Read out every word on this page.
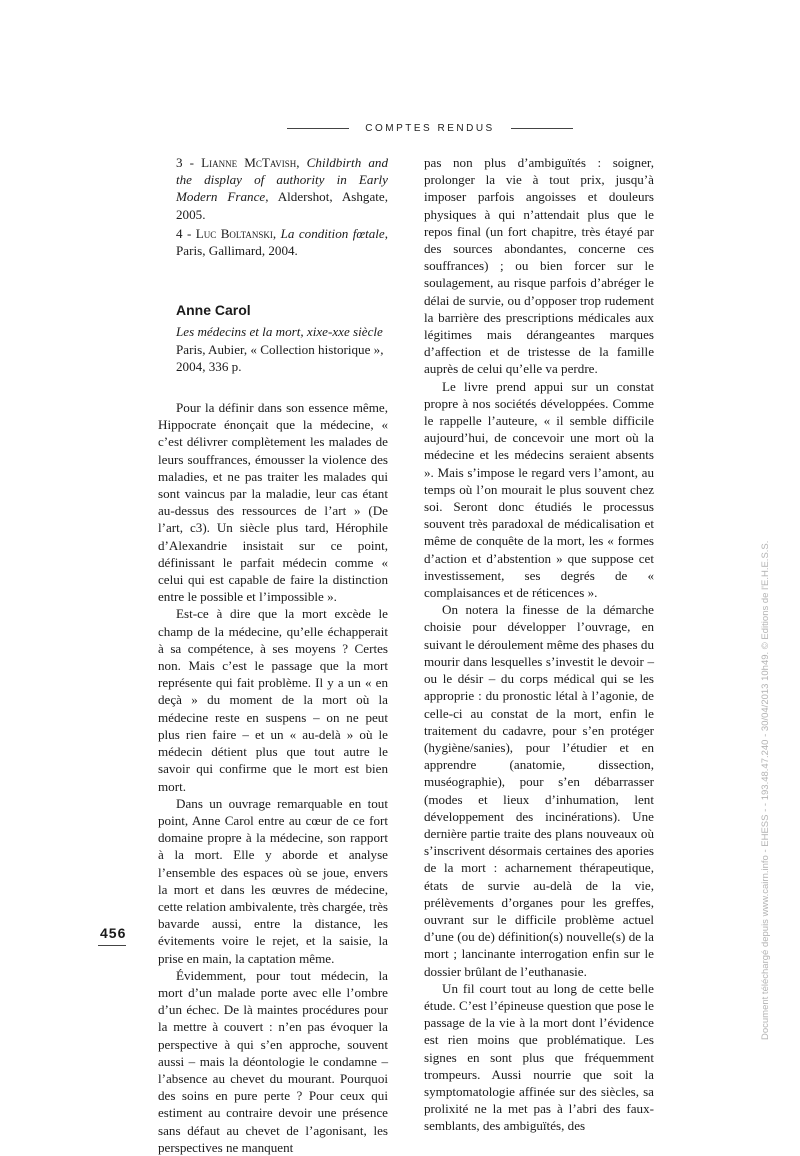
COMPTES RENDUS

3 - Lianne McTavish, Childbirth and the display of authority in Early Modern France, Aldershot, Ashgate, 2005.

4 - Luc Boltanski, La condition fœtale, Paris, Gallimard, 2004.

Anne Carol

Les médecins et la mort, xixe-xxe siècle

Paris, Aubier, « Collection historique »,

2004, 336 p.

Pour la définir dans son essence même, Hippocrate énonçait que la médecine, « c’est délivrer complètement les malades de leurs souffrances, émousser la violence des maladies, et ne pas traiter les malades qui sont vaincus par la maladie, leur cas étant au-dessus des ressources de l’art » (De l’art, c3). Un siècle plus tard, Hérophile d’Alexandrie insistait sur ce point, définissant le parfait médecin comme « celui qui est capable de faire la distinction entre le possible et l’impossible ».

Est-ce à dire que la mort excède le champ de la médecine, qu’elle échapperait à sa compétence, à ses moyens ? Certes non. Mais c’est le passage que la mort représente qui fait problème. Il y a un « en deçà » du moment de la mort où la médecine reste en suspens – on ne peut plus rien faire – et un « au-delà » où le médecin détient plus que tout autre le savoir qui confirme que le mort est bien mort.

Dans un ouvrage remarquable en tout point, Anne Carol entre au cœur de ce fort domaine propre à la médecine, son rapport à la mort. Elle y aborde et analyse l’ensemble des espaces où se joue, envers la mort et dans les œuvres de médecine, cette relation ambivalente, très chargée, très bavarde aussi, entre la distance, les évitements voire le rejet, et la saisie, la prise en main, la captation même.

Évidemment, pour tout médecin, la mort d’un malade porte avec elle l’ombre d’un échec. De là maintes procédures pour la mettre à couvert : n’en pas évoquer la perspective à qui s’en approche, souvent aussi – mais la déontologie le condamne – l’absence au chevet du mourant. Pourquoi des soins en pure perte ? Pour ceux qui estiment au contraire devoir une présence sans défaut au chevet de l’agonisant, les perspectives ne manquent

pas non plus d’ambiguïtés : soigner, prolonger la vie à tout prix, jusqu’à imposer parfois angoisses et douleurs physiques à qui n’attendait plus que le repos final (un fort chapitre, très étayé par des sources abondantes, concerne ces souffrances) ; ou bien forcer sur le soulagement, au risque parfois d’abréger le délai de survie, ou d’opposer trop rudement la barrière des prescriptions médicales aux légitimes mais dérangeantes marques d’affection et de tristesse de la famille auprès de celui qu’elle va perdre.

Le livre prend appui sur un constat propre à nos sociétés développées. Comme le rappelle l’auteure, « il semble difficile aujourd’hui, de concevoir une mort où la médecine et les médecins seraient absents ». Mais s’impose le regard vers l’amont, au temps où l’on mourait le plus souvent chez soi. Seront donc étudiés le processus souvent très paradoxal de médicalisation et même de conquête de la mort, les « formes d’action et d’abstention » que suppose cet investissement, ses degrés de « complaisances et de réticences ».

On notera la finesse de la démarche choisie pour développer l’ouvrage, en suivant le déroulement même des phases du mourir dans lesquelles s’investit le devoir – ou le désir – du corps médical qui se les approprie : du pronostic létal à l’agonie, de celle-ci au constat de la mort, enfin le traitement du cadavre, pour s’en protéger (hygiène/sanies), pour l’étudier et en apprendre (anatomie, dissection, muséographie), pour s’en débarrasser (modes et lieux d’inhumation, lent développement des incinérations). Une dernière partie traite des plans nouveaux où s’inscrivent désormais certaines des apories de la mort : acharnement thérapeutique, états de survie au-delà de la vie, prélèvements d’organes pour les greffes, ouvrant sur le difficile problème actuel d’une (ou de) définition(s) nouvelle(s) de la mort ; lancinante interrogation enfin sur le dossier brûlant de l’euthanasie.

Un fil court tout au long de cette belle étude. C’est l’épineuse question que pose le passage de la vie à la mort dont l’évidence est rien moins que problématique. Les signes en sont plus que fréquemment trompeurs. Aussi nourrie que soit la symptomatologie affinée sur des siècles, sa prolixité ne la met pas à l’abri des faux-semblants, des ambiguïtés, des

456	Document téléchargé depuis www.cairn.info - EHESS - - 193.48.47.240 - 30/04/2013 10h49. © Editions de l'E.H.E.S.S.
